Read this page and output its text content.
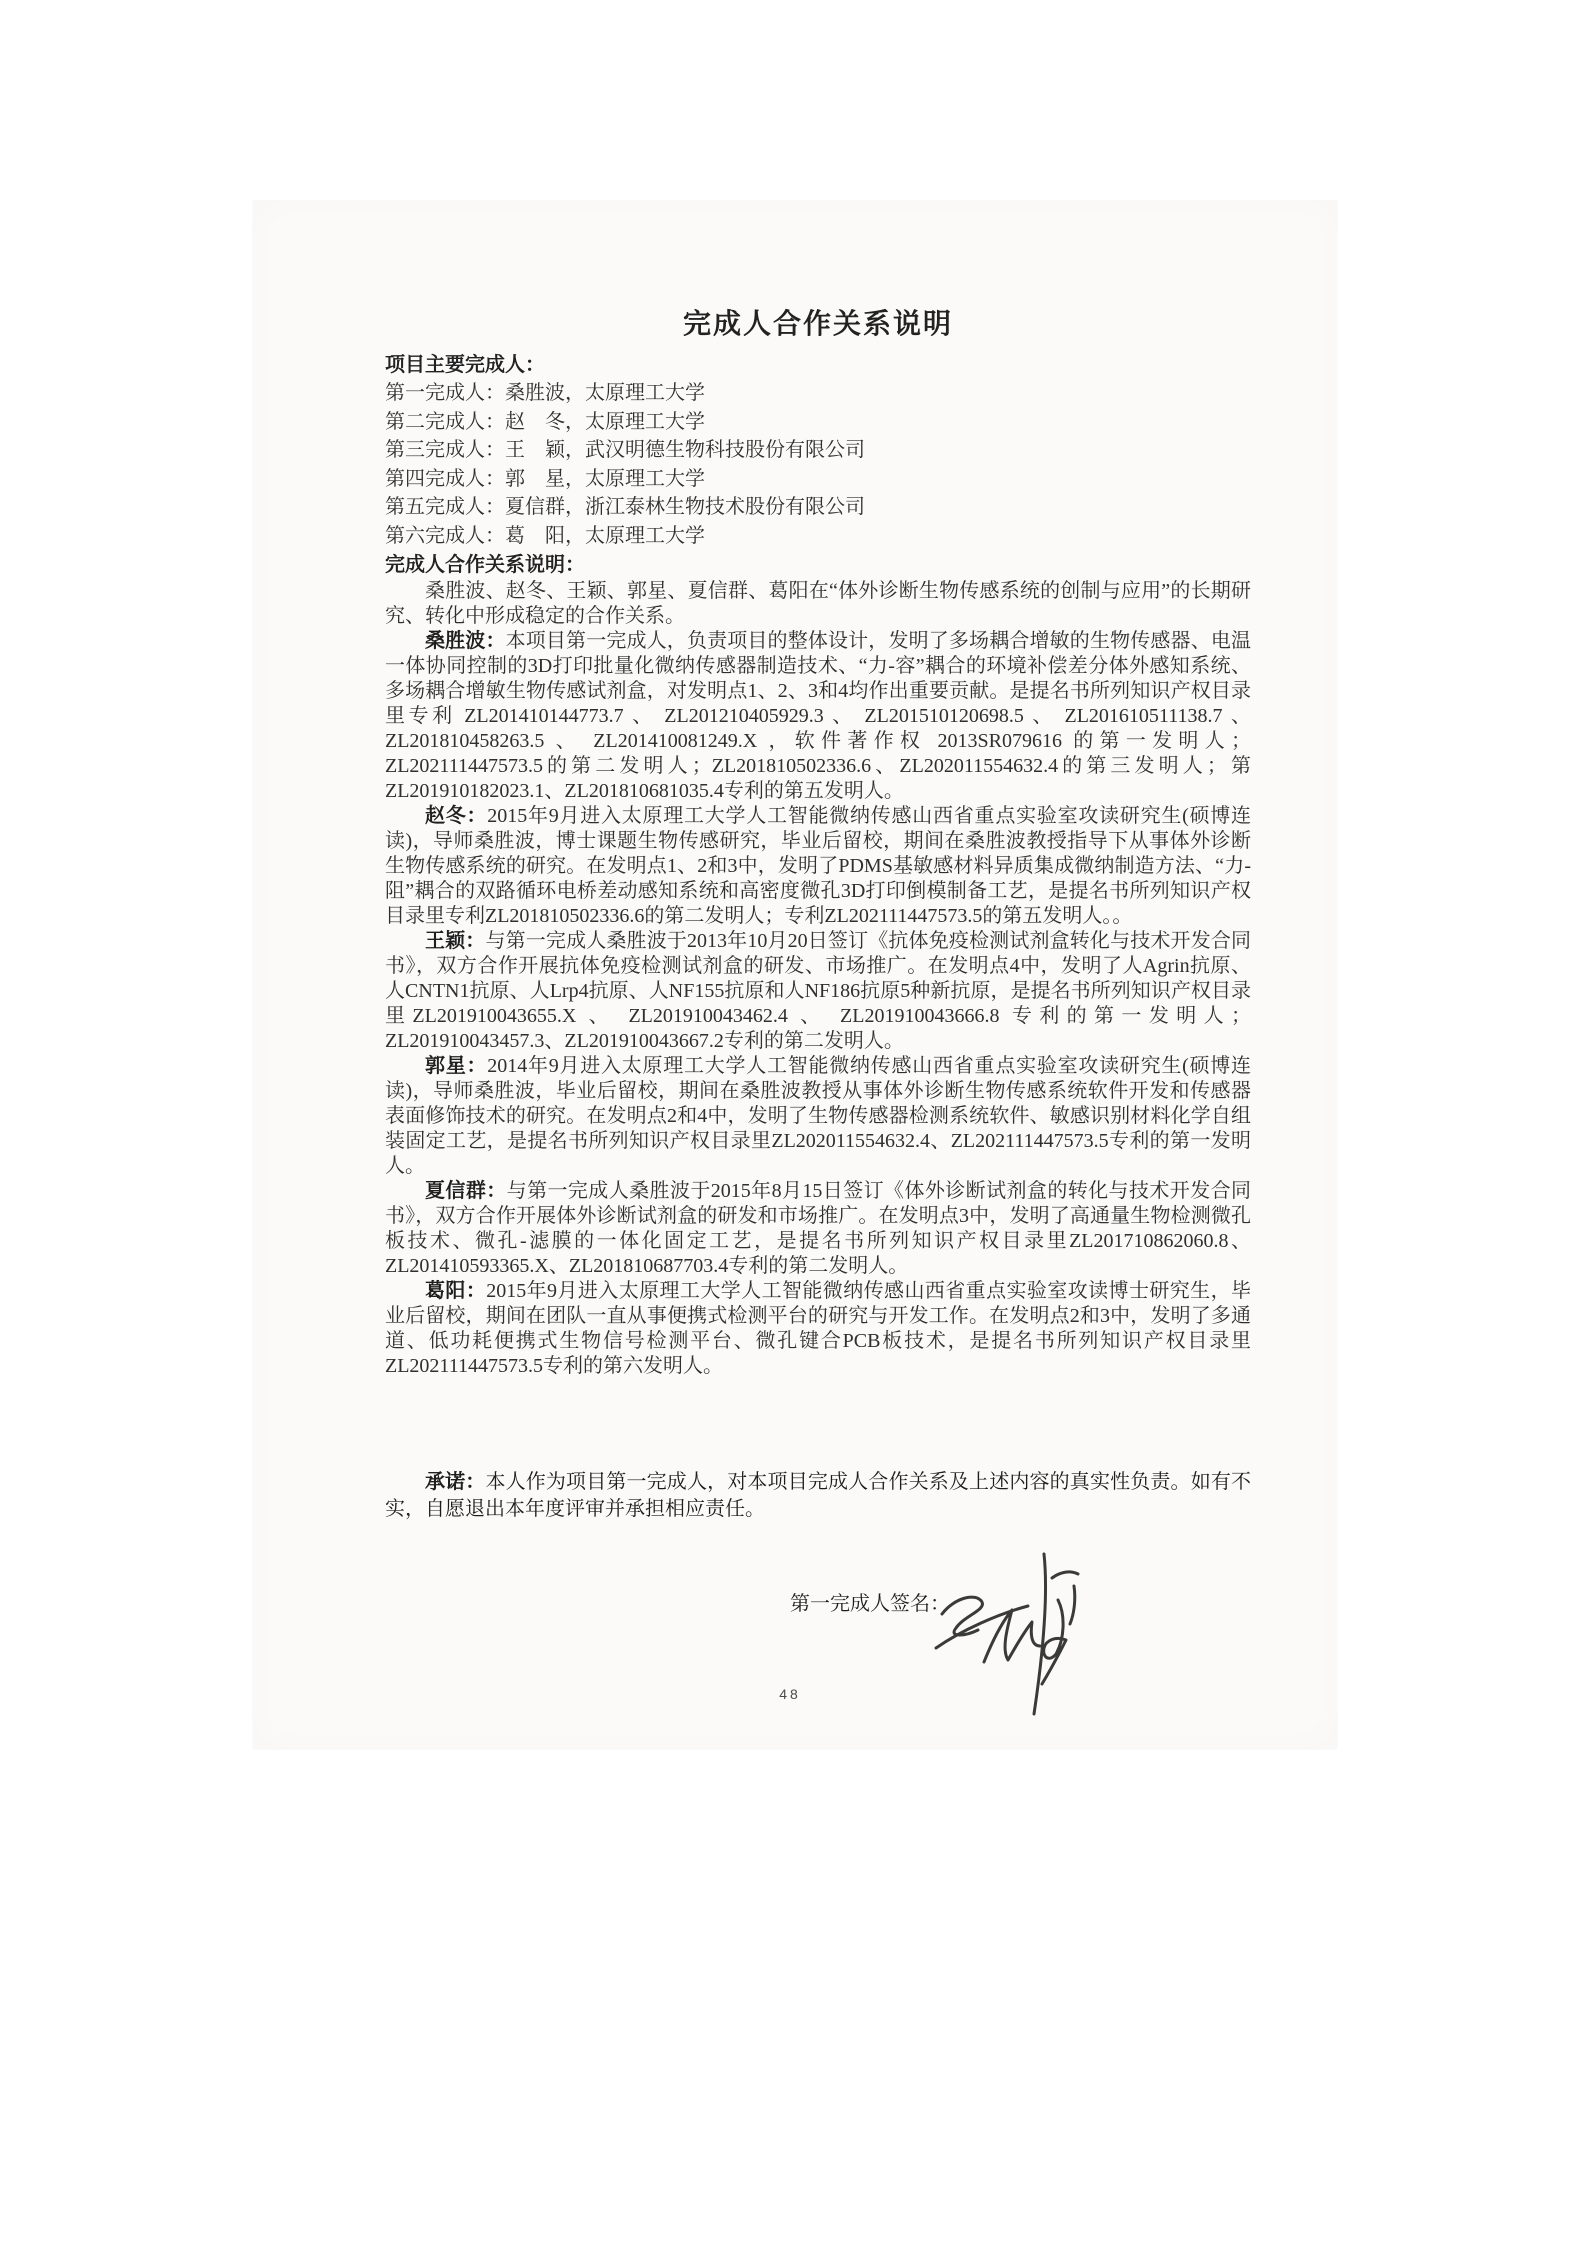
完成人合作关系说明
项目主要完成人：
第一完成人：桑胜波，太原理工大学
第二完成人：赵　冬，太原理工大学
第三完成人：王　颖，武汉明德生物科技股份有限公司
第四完成人：郭　星，太原理工大学
第五完成人：夏信群，浙江泰林生物技术股份有限公司
第六完成人：葛　阳，太原理工大学
完成人合作关系说明：

桑胜波、赵冬、王颖、郭星、夏信群、葛阳在“体外诊断生物传感系统的创制与应用”的长期研究、转化中形成稳定的合作关系。

桑胜波：本项目第一完成人，负责项目的整体设计，发明了多场耦合增敏的生物传感器、电温一体协同控制的3D打印批量化微纳传感器制造技术、“力-容”耦合的环境补偿差分体外感知系统、多场耦合增敏生物传感试剂盒，对发明点1、2、3和4均作出重要贡献。是提名书所列知识产权目录里专利 ZL201410144773.7 、 ZL201210405929.3 、 ZL201510120698.5 、 ZL201610511138.7 、 ZL201810458263.5 、 ZL201410081249.X ，软件著作权 2013SR079616 的第一发明人；ZL202111447573.5的第二发明人；ZL201810502336.6、ZL202011554632.4的第三发明人；第ZL201910182023.1、ZL201810681035.4专利的第五发明人。

赵冬：2015年9月进入太原理工大学人工智能微纳传感山西省重点实验室攻读研究生(硕博连读)，导师桑胜波，博士课题生物传感研究，毕业后留校，期间在桑胜波教授指导下从事体外诊断生物传感系统的研究。在发明点1、2和3中，发明了PDMS基敏感材料异质集成微纳制造方法、“力-阻”耦合的双路循环电桥差动感知系统和高密度微孔3D打印倒模制备工艺，是提名书所列知识产权目录里专利ZL201810502336.6的第二发明人；专利ZL202111447573.5的第五发明人。。

王颖：与第一完成人桑胜波于2013年10月20日签订《抗体免疫检测试剂盒转化与技术开发合同书》，双方合作开展抗体免疫检测试剂盒的研发、市场推广。在发明点4中，发明了人Agrin抗原、人CNTN1抗原、人Lrp4抗原、人NF155抗原和人NF186抗原5种新抗原，是提名书所列知识产权目录里ZL201910043655.X 、 ZL201910043462.4 、 ZL201910043666.8 专利的第一发明人；ZL201910043457.3、ZL201910043667.2专利的第二发明人。

郭星：2014年9月进入太原理工大学人工智能微纳传感山西省重点实验室攻读研究生(硕博连读)，导师桑胜波，毕业后留校，期间在桑胜波教授从事体外诊断生物传感系统软件开发和传感器表面修饰技术的研究。在发明点2和4中，发明了生物传感器检测系统软件、敏感识别材料化学自组装固定工艺，是提名书所列知识产权目录里ZL202011554632.4、ZL202111447573.5专利的第一发明人。

夏信群：与第一完成人桑胜波于2015年8月15日签订《体外诊断试剂盒的转化与技术开发合同书》，双方合作开展体外诊断试剂盒的研发和市场推广。在发明点3中，发明了高通量生物检测微孔板技术、微孔-滤膜的一体化固定工艺，是提名书所列知识产权目录里ZL201710862060.8、ZL201410593365.X、ZL201810687703.4专利的第二发明人。

葛阳：2015年9月进入太原理工大学人工智能微纳传感山西省重点实验室攻读博士研究生，毕业后留校，期间在团队一直从事便携式检测平台的研究与开发工作。在发明点2和3中，发明了多通道、低功耗便携式生物信号检测平台、微孔键合PCB板技术，是提名书所列知识产权目录里ZL202111447573.5专利的第六发明人。

承诺：本人作为项目第一完成人，对本项目完成人合作关系及上述内容的真实性负责。如有不实，自愿退出本年度评审并承担相应责任。

第一完成人签名：
48
